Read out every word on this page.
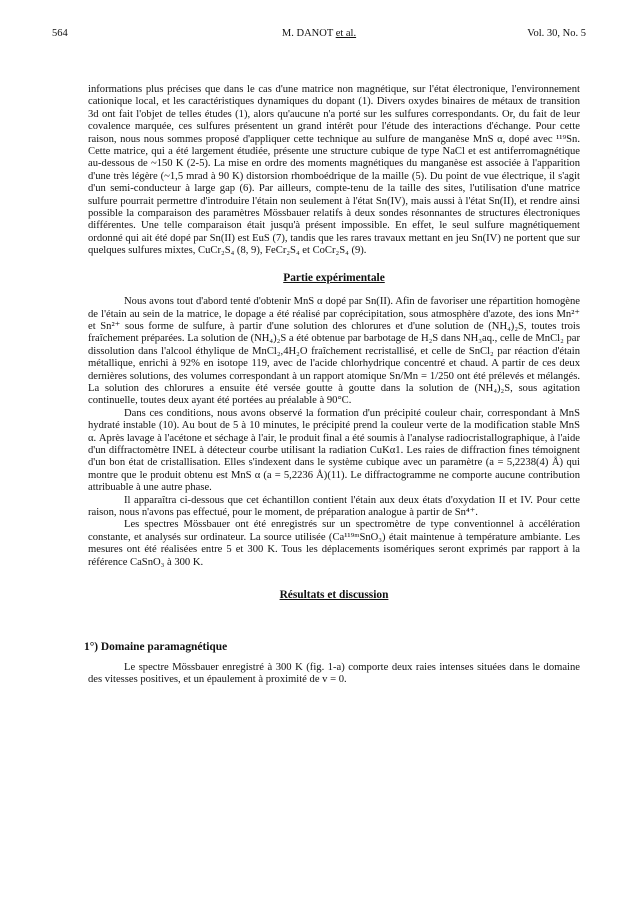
564	M. DANOT et al.	Vol. 30, No. 5

informations plus précises que dans le cas d'une matrice non magnétique, sur l'état électronique, l'environnement cationique local, et les caractéristiques dynamiques du dopant (1). Divers oxydes binaires de métaux de transition 3d ont fait l'objet de telles études (1), alors qu'aucune n'a porté sur les sulfures correspondants. Or, du fait de leur covalence marquée, ces sulfures présentent un grand intérêt pour l'étude des interactions d'échange. Pour cette raison, nous nous sommes proposé d'appliquer cette technique au sulfure de manganèse MnS α, dopé avec ¹¹⁹Sn. Cette matrice, qui a été largement étudiée, présente une structure cubique de type NaCl et est antiferromagnétique au-dessous de ~150 K (2-5). La mise en ordre des moments magnétiques du manganèse est associée à l'apparition d'une très légère (~1,5 mrad à 90 K) distorsion rhomboédrique de la maille (5). Du point de vue électrique, il s'agit d'un semi-conducteur à large gap (6). Par ailleurs, compte-tenu de la taille des sites, l'utilisation d'une matrice sulfure pourrait permettre d'introduire l'étain non seulement à l'état Sn(IV), mais aussi à l'état Sn(II), et rendre ainsi possible la comparaison des paramètres Mössbauer relatifs à deux sondes résonnantes de structures électroniques différentes. Une telle comparaison était jusqu'à présent impossible. En effet, le seul sulfure magnétiquement ordonné qui ait été dopé par Sn(II) est EuS (7), tandis que les rares travaux mettant en jeu Sn(IV) ne portent que sur quelques sulfures mixtes, CuCr₂S₄ (8, 9), FeCr₂S₄ et CoCr₂S₄ (9).

Partie expérimentale

Nous avons tout d'abord tenté d'obtenir MnS α dopé par Sn(II). Afin de favoriser une répartition homogène de l'étain au sein de la matrice, le dopage a été réalisé par coprécipitation, sous atmosphère d'azote, des ions Mn²⁺ et Sn²⁺ sous forme de sulfure, à partir d'une solution des chlorures et d'une solution de (NH₄)₂S, toutes trois fraîchement préparées. La solution de (NH₄)₂S a été obtenue par barbotage de H₂S dans NH₃aq., celle de MnCl₂ par dissolution dans l'alcool éthylique de MnCl₂,4H₂O fraîchement recristallisé, et celle de SnCl₂ par réaction d'étain métallique, enrichi à 92% en isotope 119, avec de l'acide chlorhydrique concentré et chaud. A partir de ces deux dernières solutions, des volumes correspondant à un rapport atomique Sn/Mn = 1/250 ont été prélevés et mélangés. La solution des chlorures a ensuite été versée goutte à goutte dans la solution de (NH₄)₂S, sous agitation continuelle, toutes deux ayant été portées au préalable à 90°C.

Dans ces conditions, nous avons observé la formation d'un précipité couleur chair, correspondant à MnS hydraté instable (10). Au bout de 5 à 10 minutes, le précipité prend la couleur verte de la modification stable MnS α. Après lavage à l'acétone et séchage à l'air, le produit final a été soumis à l'analyse radiocristallographique, à l'aide d'un diffractomètre INEL à détecteur courbe utilisant la radiation CuKα1. Les raies de diffraction fines témoignent d'un bon état de cristallisation. Elles s'indexent dans le système cubique avec un paramètre (a = 5,2238(4) Å) qui montre que le produit obtenu est MnS α (a = 5,2236 Å)(11). Le diffractogramme ne comporte aucune contribution attribuable à une autre phase.

Il apparaîtra ci-dessous que cet échantillon contient l'étain aux deux états d'oxydation II et IV. Pour cette raison, nous n'avons pas effectué, pour le moment, de préparation analogue à partir de Sn⁴⁺.

Les spectres Mössbauer ont été enregistrés sur un spectromètre de type conventionnel à accélération constante, et analysés sur ordinateur. La source utilisée (Ca¹¹⁹ᵐSnO₃) était maintenue à température ambiante. Les mesures ont été réalisées entre 5 et 300 K. Tous les déplacements isomériques seront exprimés par rapport à la référence CaSnO₃ à 300 K.

Résultats et discussion
1°) Domaine paramagnétique

Le spectre Mössbauer enregistré à 300 K (fig. 1-a) comporte deux raies intenses situées dans le domaine des vitesses positives, et un épaulement à proximité de v = 0.
